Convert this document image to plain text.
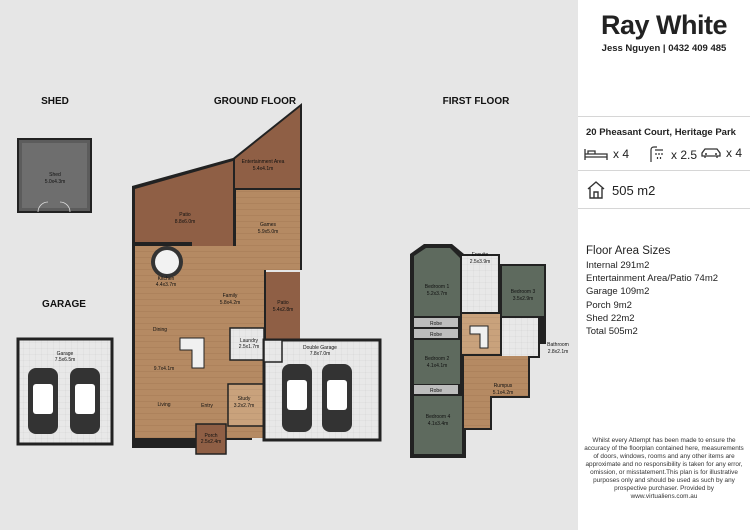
SHED	GROUND FLOOR	FIRST FLOOR
GARAGE
Shed
5.0x4.3m
Garage
7.5x6.5m
Entertainment Area
5.4x4.1m
Patio
8.8x6.0m	Games
5.9x5.0m
Kitchen
4.4x3.7m
Family
5.8x4.2m	Patio
5.4x2.8m
Dining
9.7x4.1m
Living
Laundry
2.5x1.7m
Study
3.2x2.7m
Entry
Porch
2.5x2.4m
Double Garage
7.8x7.0m
Bedroom 1
5.2x3.7m
Ensuite
2.5x3.9m
Bedroom 3
3.5x2.9m
Robe
Robe
Bedroom 2
4.1x4.1m
Robe
Bedroom 4
4.1x3.4m
Bathroom
2.8x2.1m
Rumpus
5.1x4.2m
Ray White
Jess Nguyen | 0432 409 485
20 Pheasant Court, Heritage Park
x 4	x 2.5 x 4
505 m2
Floor Area Sizes
Internal 291m2
Entertainment Area/Patio 74m2
Garage 109m2
Porch 9m2
Shed 22m2
Total 505m2
Whilst every Attempt has been made to ensure the accuracy of the floorplan contained here, measurements of doors, windows, rooms and any other items are approximate and no responsibility is taken for any error, omission, or misstatement.This plan is for illustrative purposes only and should be used as such by any prospective purchaser. Provided by www.virtualiens.com.au
